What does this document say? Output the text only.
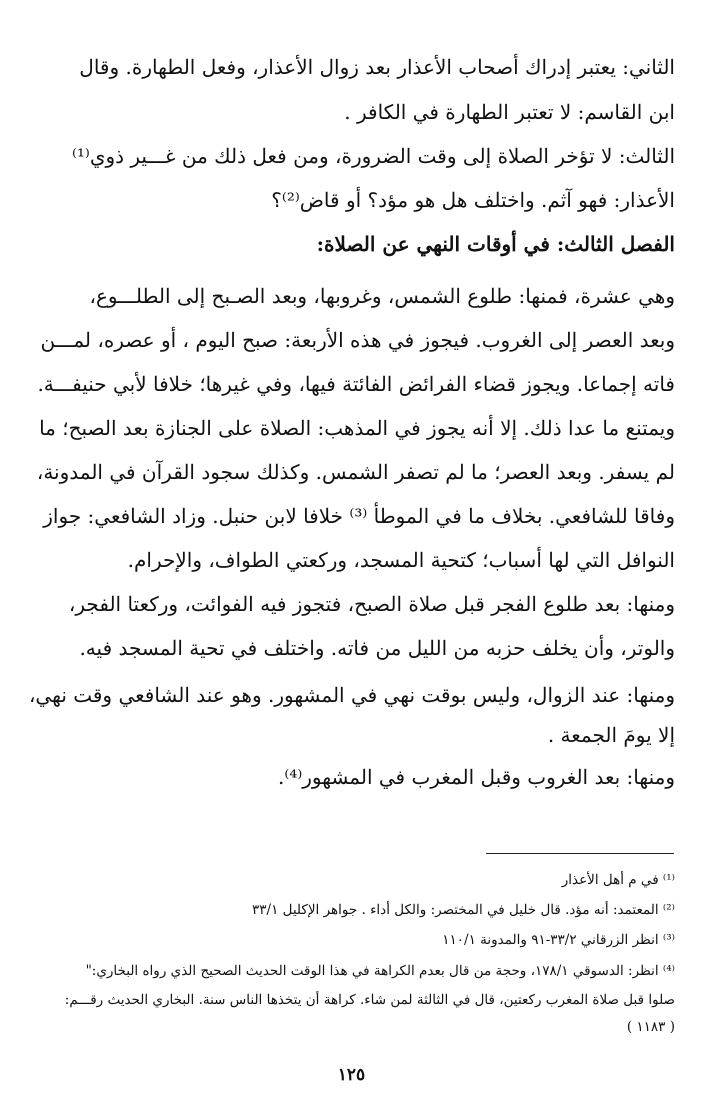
الثاني: يعتبر إدراك أصحاب الأعذار بعد زوال الأعذار، وفعل الطهارة. وقال
ابن القاسم: لا تعتبر الطهارة في الكافر .
الثالث: لا تؤخر الصلاة إلى وقت الضرورة، ومن فعل ذلك من غـــير ذوي⁽¹⁾
الأعذار: فهو آثم. واختلف هل هو مؤد؟ أو قاض⁽²⁾؟
الفصل الثالث: في أوقات النهي عن الصلاة:
وهي عشرة، فمنها: طلوع الشمس، وغروبها، وبعد الصـبح إلى الطلـــوع،
وبعد العصر إلى الغروب. فيجوز في هذه الأربعة: صبح اليوم ، أو عصره، لمـــن
فاته إجماعا. ويجوز قضاء الفرائض الفائتة فيها، وفي غيرها؛ خلافا لأبي حنيفـــة.
ويمتنع ما عدا ذلك. إلا أنه يجوز في المذهب: الصلاة على الجنازة بعد الصبح؛ ما
لم يسفر. وبعد العصر؛ ما لم تصفر الشمس. وكذلك سجود القرآن في المدونة،
وفاقا للشافعي. بخلاف ما في الموطأ ⁽³⁾ خلافا لابن حنبل. وزاد الشافعي: جواز
النوافل التي لها أسباب؛ كتحية المسجد، وركعتي الطواف، والإحرام.
ومنها: بعد طلوع الفجر قبل صلاة الصبح، فتجوز فيه الفوائت، وركعتا الفجر،
والوتر، وأن يخلف حزبه من الليل من فاته. واختلف في تحية المسجد فيه.
ومنها: عند الزوال، وليس بوقت نهي في المشهور. وهو عند الشافعي وقت نهي،
إلا يومَ الجمعة .
ومنها: بعد الغروب وقبل المغرب في المشهور⁽⁴⁾.
⁽¹⁾ في م أهل الأعذار
⁽²⁾ المعتمد: أنه مؤد. قال خليل في المختصر: والكل أداء . جواهر الإكليل ٣٣/١
⁽³⁾ انظر الزرقاني ٣٣/٢-٩١ والمدونة ١١٠/١
⁽⁴⁾ انظر: الدسوقي ١٧٨/١، وحجة من قال بعدم الكراهة في هذا الوقت الحديث الصحيح الذي رواه البخاري:"
صلوا قبل صلاة المغرب ركعتين، قال في الثالثة لمن شاء. كراهة أن يتخذها الناس سنة. البخاري الحديث رقـــم:
( ١١٨٣ )
١٢٥
